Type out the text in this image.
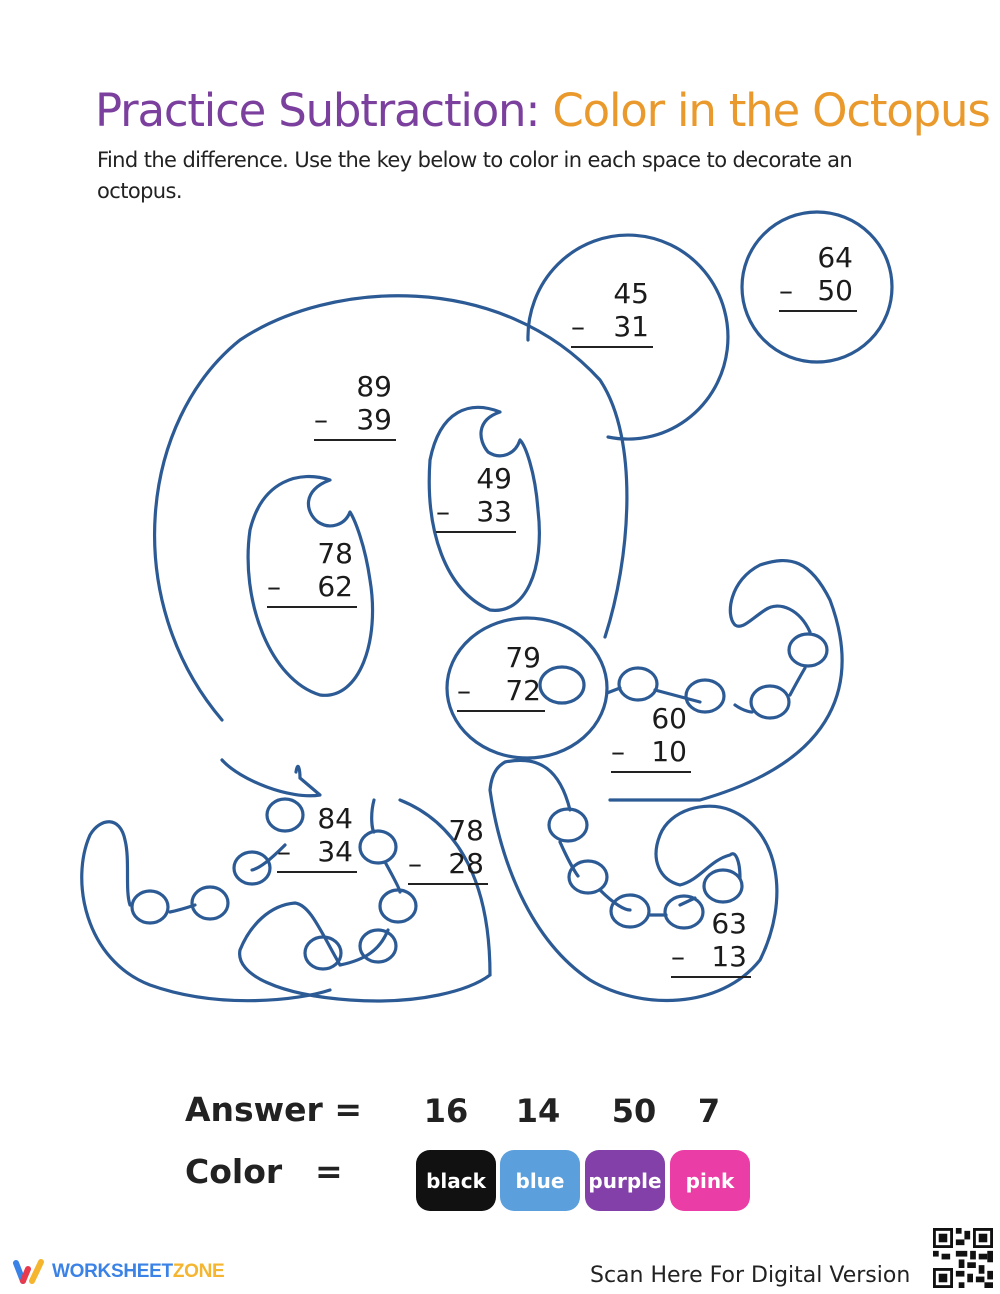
Practice Subtraction: Color in the Octopus
Find the difference. Use the key below to color in each space to decorate an octopus.
45
– 31
64
– 50
89
– 39
78
– 62
49
– 33
79
– 72
60
– 10
84
– 34
78
– 28
63
– 13
Answer =
Color =
16 14 50	7
black	blue	purple	pink
WORKSHEETZONE	Scan Here For Digital Version
